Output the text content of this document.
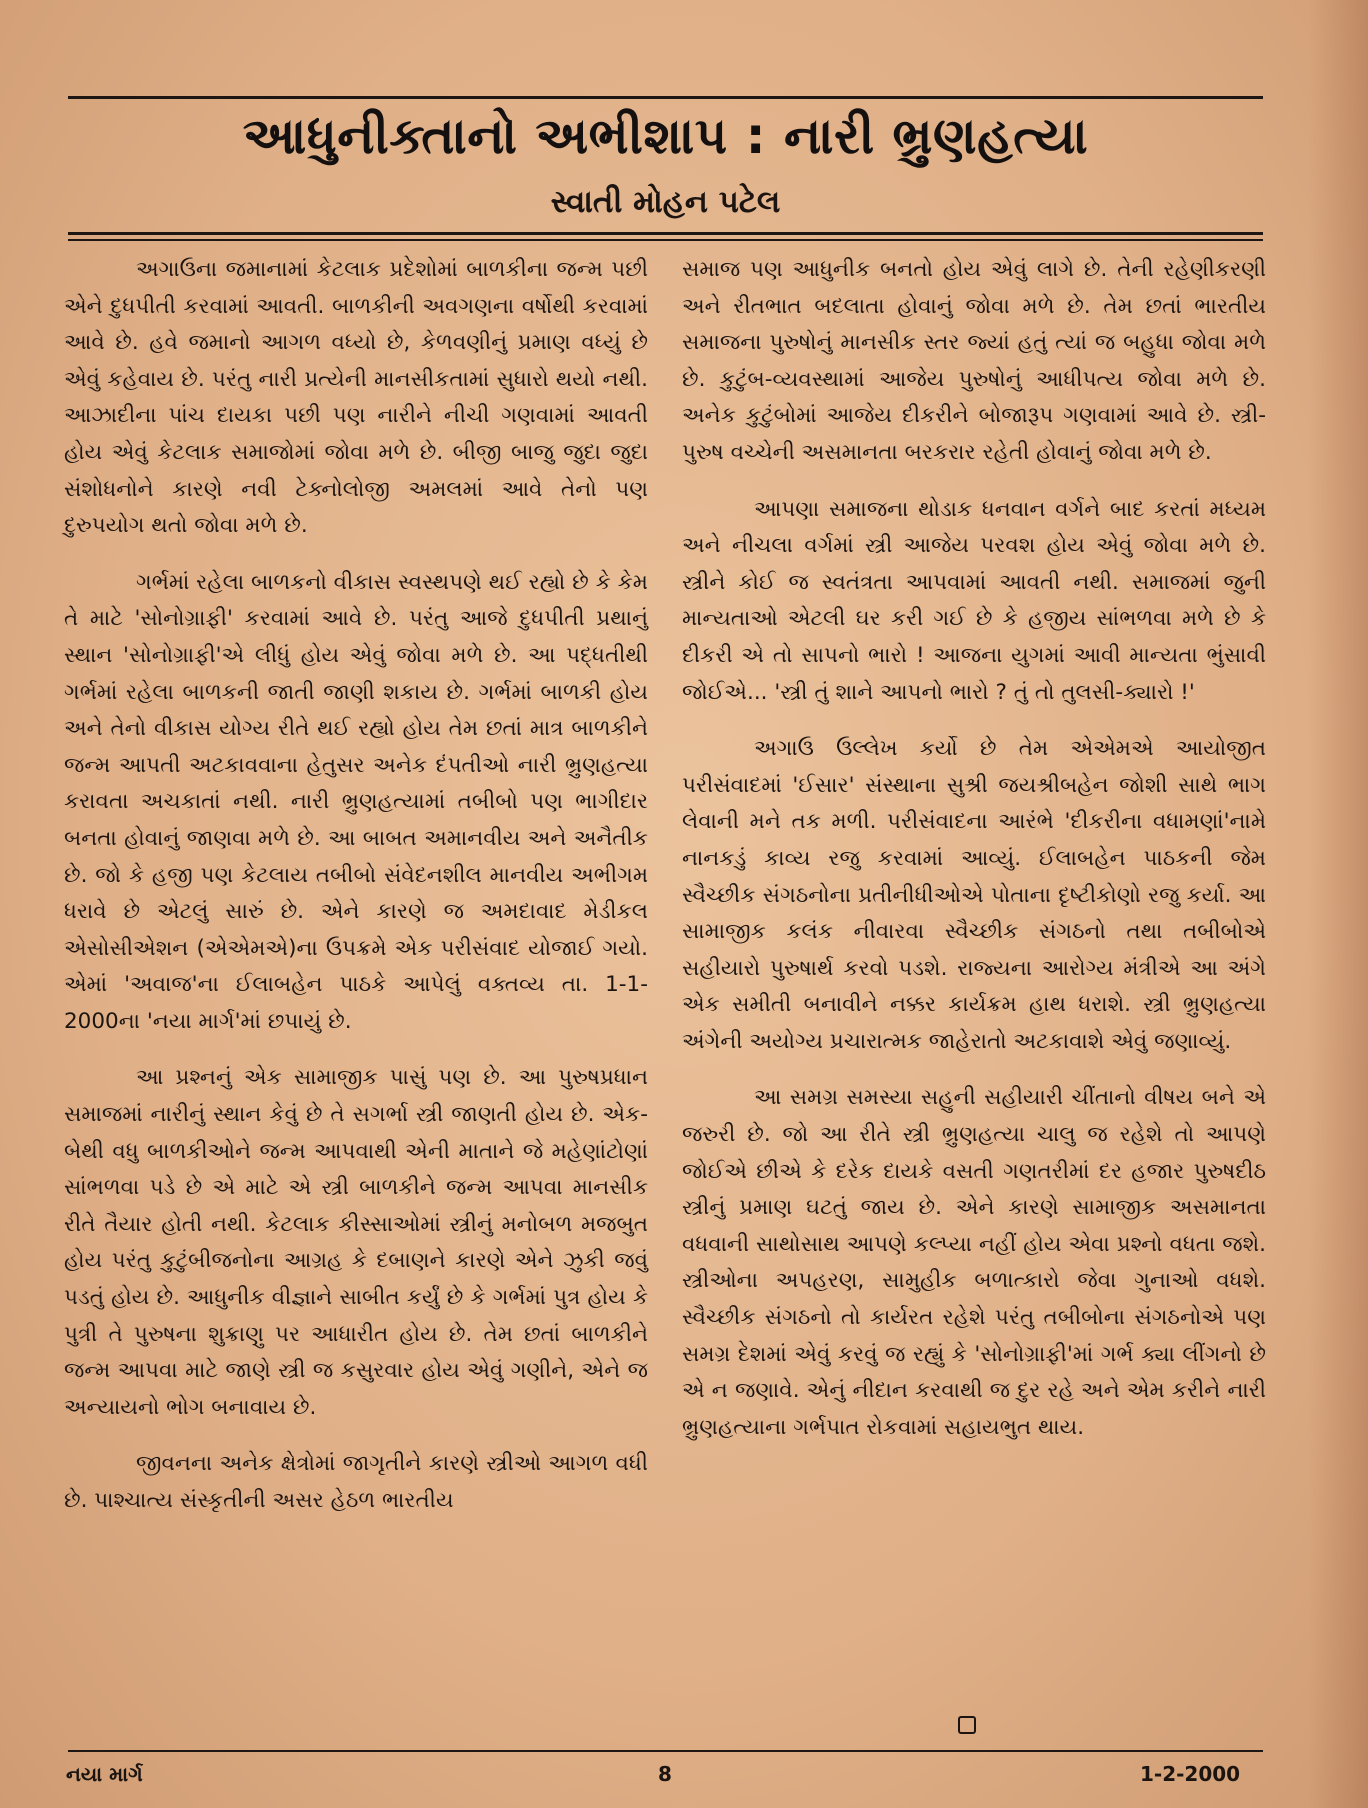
આધુનીક્તાનો અભીશાપ : નારી ભ્રુણહત્યા
સ્વાતી મોહન પટેલ

અગાઉના જમાનામાં કેટલાક પ્રદેશોમાં બાળકીના જન્મ પછી એને દુધપીતી કરવામાં આવતી. બાળકીની અવગણના વર્ષોથી કરવામાં આવે છે. હવે જમાનો આગળ વધ્યો છે, કેળવણીનું પ્રમાણ વધ્યું છે એવું કહેવાય છે. પરંતુ નારી પ્રત્યેની માનસીકતામાં સુધારો થયો નથી. આઝાદીના પાંચ દાયકા પછી પણ નારીને નીચી ગણવામાં આવતી હોય એવું કેટલાક સમાજોમાં જોવા મળે છે. બીજી બાજુ જુદા જુદા સંશોધનોને કારણે નવી ટેક્નોલોજી અમલમાં આવે તેનો પણ દુરુપયોગ થતો જોવા મળે છે.

ગર્ભમાં રહેલા બાળકનો વીકાસ સ્વસ્થપણે થઈ રહ્યો છે કે કેમ તે માટે 'સોનોગ્રાફી' કરવામાં આવે છે. પરંતુ આજે દુધપીતી પ્રથાનું સ્થાન 'સોનોગ્રાફી'એ લીધું હોય એવું જોવા મળે છે. આ પદ્ધતીથી ગર્ભમાં રહેલા બાળકની જાતી જાણી શકાય છે. ગર્ભમાં બાળકી હોય અને તેનો વીકાસ યોગ્ય રીતે થઈ રહ્યો હોય તેમ છતાં માત્ર બાળકીને જન્મ આપતી અટકાવવાના હેતુસર અનેક દંપતીઓ નારી ભ્રુણહત્યા કરાવતા અચકાતાં નથી. નારી ભ્રુણહત્યામાં તબીબો પણ ભાગીદાર બનતા હોવાનું જાણવા મળે છે. આ બાબત અમાનવીય અને અનૈતીક છે. જો કે હજી પણ કેટલાય તબીબો સંવેદનશીલ માનવીય અભીગમ ધરાવે છે એટલું સારું છે. એને કારણે જ અમદાવાદ મેડીકલ એસોસીએશન (એએમએ)ના ઉપક્રમે એક પરીસંવાદ યોજાઈ ગયો. એમાં 'અવાજ'ના ઈલાબહેન પાઠકે આપેલું વક્તવ્ય તા. 1-1-2000ના 'નયા માર્ગ'માં છપાયું છે.

આ પ્રશ્નનું એક સામાજીક પાસું પણ છે. આ પુરુષપ્રધાન સમાજમાં નારીનું સ્થાન કેવું છે તે સગર્ભા સ્ત્રી જાણતી હોય છે. એક-બેથી વધુ બાળકીઓને જન્મ આપવાથી એની માતાને જે મહેણાંટોણાં સાંભળવા પડે છે એ માટે એ સ્ત્રી બાળકીને જન્મ આપવા માનસીક રીતે તૈયાર હોતી નથી. કેટલાક કીસ્સાઓમાં સ્ત્રીનું મનોબળ મજબુત હોય પરંતુ કુટુંબીજનોના આગ્રહ કે દબાણને કારણે એને ઝુકી જવું પડતું હોય છે. આધુનીક વીજ્ઞાને સાબીત કર્યું છે કે ગર્ભમાં પુત્ર હોય કે પુત્રી તે પુરુષના શુક્રાણુ પર આધારીત હોય છે. તેમ છતાં બાળકીને જન્મ આપવા માટે જાણે સ્ત્રી જ કસુરવાર હોય એવું ગણીને, એને જ અન્યાયનો ભોગ બનાવાય છે.

જીવનના અનેક ક્ષેત્રોમાં જાગૃતીને કારણે સ્ત્રીઓ આગળ વધી છે. પાશ્ચાત્ય સંસ્કૃતીની અસર હેઠળ ભારતીય

સમાજ પણ આધુનીક બનતો હોય એવું લાગે છે. તેની રહેણીકરણી અને રીતભાત બદલાતા હોવાનું જોવા મળે છે. તેમ છતાં ભારતીય સમાજના પુરુષોનું માનસીક સ્તર જ્યાં હતું ત્યાં જ બહુધા જોવા મળે છે. કુટુંબ-વ્યવસ્થામાં આજેય પુરુષોનું આધીપત્ય જોવા મળે છે. અનેક કુટુંબોમાં આજેય દીકરીને બોજારૂપ ગણવામાં આવે છે. સ્ત્રી-પુરુષ વચ્ચેની અસમાનતા બરકરાર રહેતી હોવાનું જોવા મળે છે.

આપણા સમાજના થોડાક ધનવાન વર્ગને બાદ કરતાં મધ્યમ અને નીચલા વર્ગમાં સ્ત્રી આજેય પરવશ હોય એવું જોવા મળે છે. સ્ત્રીને કોઈ જ સ્વતંત્રતા આપવામાં આવતી નથી. સમાજમાં જુની માન્યતાઓ એટલી ઘર કરી ગઈ છે કે હજીય સાંભળવા મળે છે કે દીકરી એ તો સાપનો ભારો ! આજના યુગમાં આવી માન્યતા ભુંસાવી જોઈએ... 'સ્ત્રી તું શાને આપનો ભારો ? તું તો તુલસી-ક્યારો !'

અગાઉ ઉલ્લેખ કર્યો છે તેમ એએમએ આયોજીત પરીસંવાદમાં 'ઈસાર' સંસ્થાના સુશ્રી જયશ્રીબહેન જોશી સાથે ભાગ લેવાની મને તક મળી. પરીસંવાદના આરંભે 'દીકરીના વધામણાં'નામે નાનકડું કાવ્ય રજુ કરવામાં આવ્યું. ઈલાબહેન પાઠકની જેમ સ્વૈચ્છીક સંગઠનોના પ્રતીનીધીઓએ પોતાના દૃષ્ટીકોણો રજુ કર્યા. આ સામાજીક કલંક નીવારવા સ્વૈચ્છીક સંગઠનો તથા તબીબોએ સહીયારો પુરુષાર્થ કરવો પડશે. રાજ્યના આરોગ્ય મંત્રીએ આ અંગે એક સમીતી બનાવીને નક્કર કાર્યક્રમ હાથ ધરાશે. સ્ત્રી ભ્રુણહત્યા અંગેની અયોગ્ય પ્રચારાત્મક જાહેરાતો અટકાવાશે એવું જણાવ્યું.

આ સમગ્ર સમસ્યા સહુની સહીયારી ચીંતાનો વીષય બને એ જરુરી છે. જો આ રીતે સ્ત્રી ભ્રુણહત્યા ચાલુ જ રહેશે તો આપણે જોઈએ છીએ કે દરેક દાયકે વસતી ગણતરીમાં દર હજાર પુરુષદીઠ સ્ત્રીનું પ્રમાણ ઘટતું જાય છે. એને કારણે સામાજીક અસમાનતા વધવાની સાથોસાથ આપણે કલ્પ્યા નહીં હોય એવા પ્રશ્નો વધતા જશે. સ્ત્રીઓના અપહરણ, સામુહીક બળાત્કારો જેવા ગુનાઓ વધશે. સ્વૈચ્છીક સંગઠનો તો કાર્યરત રહેશે પરંતુ તબીબોના સંગઠનોએ પણ સમગ્ર દેશમાં એવું કરવું જ રહ્યું કે 'સોનોગ્રાફી'માં ગર્ભ ક્યા લીંગનો છે એ ન જણાવે. એનું નીદાન કરવાથી જ દુર રહે અને એમ કરીને નારી ભ્રુણહત્યાના ગર્ભપાત રોકવામાં સહાયભુત થાય.

નયા માર્ગ	8	1-2-2000
